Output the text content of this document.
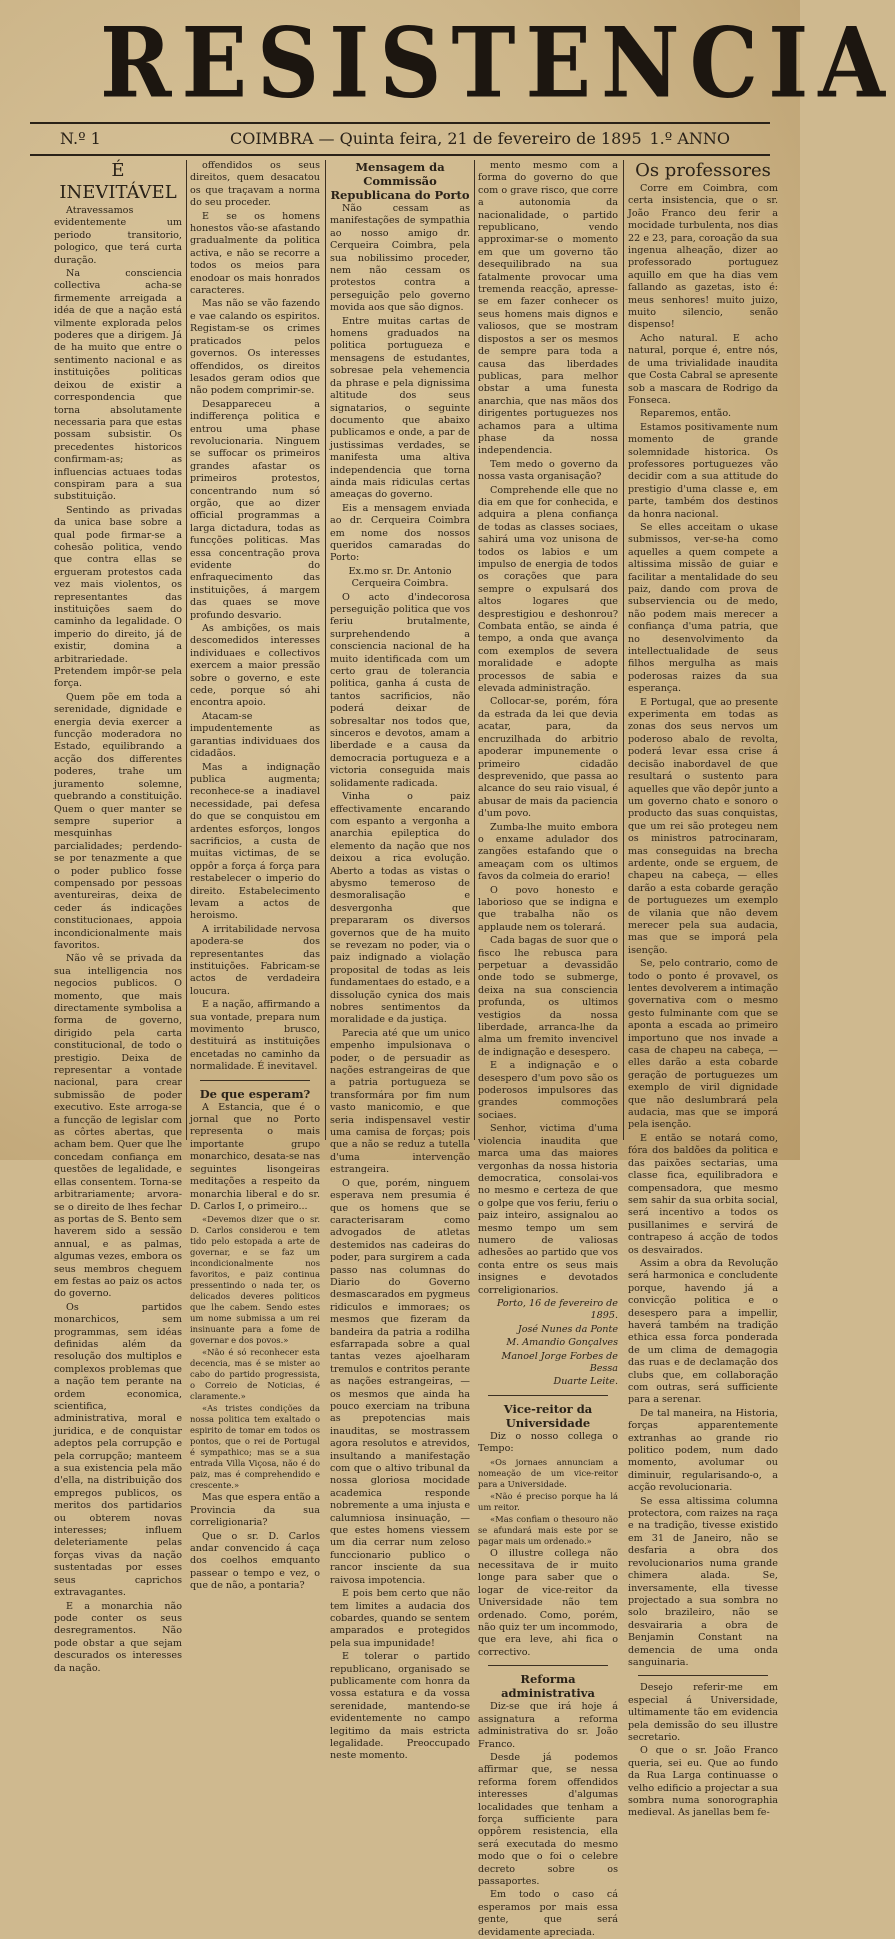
RESISTENCIA
N.º 1	COIMBRA — Quinta feira, 21 de fevereiro de 1895 1.º ANNO

É INEVITÁVEL

Atravessamos evidentemente um periodo transitorio, pologico, que terá curta duração.

Na consciencia collectiva acha-se firmemente arreigada a idéa de que a nação está vilmente explorada pelos poderes que a dirigem. Já de ha muito que entre o sentimento nacional e as instituições politicas deixou de existir a correspondencia que torna absolutamente necessaria para que estas possam subsistir. Os precedentes historicos confirmam-as; as influencias actuaes todas conspiram para a sua substituição.

Sentindo as privadas da unica base sobre a qual pode firmar-se a cohesão politica, vendo que contra ellas se ergueram protestos cada vez mais violentos, os representantes das instituições saem do caminho da legalidade. O imperio do direito, já de existir, domina a arbitrariedade. Pretendem impôr-se pela força.

Quem põe em toda a serenidade, dignidade e energia devia exercer a funcção moderadora no Estado, equilibrando a acção dos differentes poderes, trahe um juramento solemne, quebrando a constituição. Quem o quer manter se sempre superior a mesquinhas parcialidades; perdendo-se por tenazmente a que o poder publico fosse compensado por pessoas aventureiras, deixa de ceder ás indicações constitucionaes, appoia incondicionalmente mais favoritos.

Não vê se privada da sua intelligencia nos negocios publicos. O momento, que mais directamente symbolisa a forma de governo, dirigido pela carta constitucional, de todo o prestigio. Deixa de representar a vontade nacional, para crear submissão de poder executivo. Este arroga-se a funcção de legislar com as côrtes abertas, que acham bem. Quer que lhe concedam confiança em questões de legalidade, e ellas consentem. Torna-se arbitrariamente; arvora-se o direito de lhes fechar as portas de S. Bento sem haverem sido a sessão annual, e as palmas, algumas vezes, embora os seus membros cheguem em festas ao paiz os actos do governo.

Os partidos monarchicos, sem programmas, sem idéas definidas além da resolução dos multiplos e complexos problemas que a nação tem perante na ordem economica, scientifica, administrativa, moral e juridica, e de conquistar adeptos pela corrupção e pela corrupção; manteem a sua existencia pela mão d'ella, na distribuição dos empregos publicos, os meritos dos partidarios ou obterem novas interesses; influem deleteriamente pelas forças vivas da nação sustentadas por esses seus caprichos extravagantes.

E a monarchia não pode conter os seus desregramentos. Não pode obstar a que sejam descurados os interesses da nação.

offendidos os seus direitos, quem desacatou os que traçavam a norma do seu proceder.

E se os homens honestos vão-se afastando gradualmente da politica activa, e não se recorre a todos os meios para enodoar os mais honrados caracteres.

Mas não se vão fazendo e vae calando os espiritos. Registam-se os crimes praticados pelos governos. Os interesses offendidos, os direitos lesados geram odios que não podem comprimir-se.

Desappareceu a indifferença politica e entrou uma phase revolucionaria. Ninguem se suffocar os primeiros grandes afastar os primeiros protestos, concentrando num só orgão, que ao dizer official programmas a larga dictadura, todas as funcções politicas. Mas essa concentração prova evidente do enfraquecimento das instituições, á margem das quaes se move profundo desvario.

As ambições, os mais descomedidos interesses individuaes e collectivos exercem a maior pressão sobre o governo, e este cede, porque só ahi encontra apoio.

Atacam-se impudentemente as garantias individuaes dos cidadãos.

Mas a indignação publica augmenta; reconhece-se a inadiavel necessidade, pai defesa do que se conquistou em ardentes esforços, longos sacrificios, a custa de muitas victimas, de se oppôr a força á força para restabelecer o imperio do direito. Estabelecimento levam a actos de heroismo.

A irritabilidade nervosa apodera-se dos representantes das instituições. Fabricam-se actos de verdadeira loucura.

E a nação, affirmando a sua vontade, prepara num movimento brusco, destituirá as instituições encetadas no caminho da normalidade. É inevitavel.

De que esperam?

A Estancia, que é o jornal que no Porto representa o mais importante grupo monarchico, desata-se nas seguintes lisongeiras meditações a respeito da monarchia liberal e do sr. D. Carlos I, o primeiro...

«Devemos dizer que o sr. D. Carlos considerou e tem tido pelo estopada a arte de governar, e se faz um incondicionalmente nos favoritos, e paiz continua pressentindo o nada ter, os delicados deveres politicos que lhe cabem. Sendo estes um nome submissa a um rei insinuante para a fome de governar e dos povos.»

«Não é só reconhecer esta decencia, mas é se mister ao cabo do partido progressista, o Correio de Noticias, é claramente.»

«As tristes condições da nossa politica tem exaltado o espirito de tomar em todos os pontos, que o rei de Portugal é sympathico; mas se a sua entrada Villa Viçosa, não é do paiz, mas é comprehendido e crescente.»

Mas que espera então a Provincia da sua correligionaria?

Que o sr. D. Carlos andar convencido á caça dos coelhos emquanto passear o tempo e vez, o que de não, a pontaria?

Mensagem da Commissão Republicana do Porto

Não cessam as manifestações de sympathia ao nosso amigo dr. Cerqueira Coimbra, pela sua nobilissimo proceder, nem não cessam os protestos contra a perseguição pelo governo movida aos que são dignos.

Entre muitas cartas de homens graduados na politica portugueza e mensagens de estudantes, sobresae pela vehemencia da phrase e pela dignissima altitude dos seus signatarios, o seguinte documento que abaixo publicamos e onde, a par de justissimas verdades, se manifesta uma altiva independencia que torna ainda mais ridiculas certas ameaças do governo.

Eis a mensagem enviada ao dr. Cerqueira Coimbra em nome dos nossos queridos camaradas do Porto:

Ex.mo sr. Dr. Antonio Cerqueira Coimbra.

O acto d'indecorosa perseguição politica que vos feriu brutalmente, surprehendendo a consciencia nacional de ha muito identificada com um certo grau de tolerancia politica, ganha á custa de tantos sacrificios, não poderá deixar de sobresaltar nos todos que, sinceros e devotos, amam a liberdade e a causa da democracia portugueza e a victoria conseguida mais solidamente radicada.

Vinha o paiz effectivamente encarando com espanto a vergonha a anarchia epileptica do elemento da nação que nos deixou a rica evolução. Aberto a todas as vistas o abysmo temeroso de desmoralisação e desvergonha que prepararam os diversos governos que de ha muito se revezam no poder, via o paiz indignado a violação proposital de todas as leis fundamentaes do estado, e a dissolução cynica dos mais nobres sentimentos da moralidade e da justiça.

Parecia até que um unico empenho impulsionava o poder, o de persuadir as nações estrangeiras de que a patria portugueza se transformára por fim num vasto manicomio, e que seria indispensavel vestir uma camisa de forças; pois que a não se reduz a tutella d'uma intervenção estrangeira.

O que, porém, ninguem esperava nem presumia é que os homens que se caracterisaram como advogados de atletas destemidos nas cadeiras do poder, para surgirem a cada passo nas columnas do Diario do Governo desmascarados em pygmeus ridiculos e immoraes; os mesmos que fizeram da bandeira da patria a rodilha esfarrapada sobre a qual tantas vezes ajoelharam tremulos e contritos perante as nações estrangeiras, — os mesmos que ainda ha pouco exerciam na tribuna as prepotencias mais inauditas, se mostrassem agora resolutos e atrevidos, insultando a manifestação com que o altivo tribunal da nossa gloriosa mocidade academica responde nobremente a uma injusta e calumniosa insinuação, — que estes homens viessem um dia cerrar num zeloso funccionario publico o rancor insciente da sua raivosa impotencia.

E pois bem certo que não tem limites a audacia dos cobardes, quando se sentem amparados e protegidos pela sua impunidade!

E tolerar o partido republicano, organisado se publicamente com honra da vossa estatura e da vossa serenidade, mantendo-se evidentemente no campo legitimo da mais estricta legalidade. Preoccupado neste momento.

mento mesmo com a forma do governo do que com o grave risco, que corre a autonomia da nacionalidade, o partido republicano, vendo approximar-se o momento em que um governo tão desequilibrado na sua fatalmente provocar uma tremenda reacção, apresse-se em fazer conhecer os seus homens mais dignos e valiosos, que se mostram dispostos a ser os mesmos de sempre para toda a causa das liberdades publicas, para melhor obstar a uma funesta anarchia, que nas mãos dos dirigentes portuguezes nos achamos para a ultima phase da nossa independencia.

Tem medo o governo da nossa vasta organisação?

Comprehende elle que no dia em que for conhecida, e adquira a plena confiança de todas as classes sociaes, sahirá uma voz unisona de todos os labios e um impulso de energia de todos os corações que para sempre o expulsará dos altos logares que desprestigiou e deshonrou? Combata então, se ainda é tempo, a onda que avança com exemplos de severa moralidade e adopte processos de sabia e elevada administração.

Collocar-se, porém, fóra da estrada da lei que devia acatar, para, da encruzilhada do arbitrio apoderar impunemente o primeiro cidadão desprevenido, que passa ao alcance do seu raio visual, é abusar de mais da paciencia d'um povo.

Zumba-lhe muito embora o enxame adulador dos zangões estafando que o ameaçam com os ultimos favos da colmeia do erario!

O povo honesto e laborioso que se indigna e que trabalha não os applaude nem os tolerará.

Cada bagas de suor que o fisco lhe rebusca para perpetuar a devassidão onde todo se submerge, deixa na sua consciencia profunda, os ultimos vestigios da nossa liberdade, arranca-lhe da alma um fremito invencivel de indignação e desespero.

E a indignação e o desespero d'um povo são os poderosos impulsores das grandes commoções sociaes.

Senhor, victima d'uma violencia inaudita que marca uma das maiores vergonhas da nossa historia democratica, consolai-vos no mesmo e certeza de que o golpe que vos feriu, feriu o paiz inteiro, assignalou ao mesmo tempo um sem numero de valiosas adhesões ao partido que vos conta entre os seus mais insignes e devotados correligionarios.

Porto, 16 de fevereiro de 1895.

José Nunes da Ponte

M. Amandio Gonçalves

Manoel Jorge Forbes de Bessa

Duarte Leite.

Vice-reitor da Universidade

Diz o nosso collega o Tempo:

«Os jornaes annunciam a nomeação de um vice-reitor para a Universidade.

«Não é preciso porque ha lá um reitor.

«Mas confiam o thesouro não se afundará mais este por se pagar mais um ordenado.»

O illustre collega não necessitava de ir muito longe para saber que o logar de vice-reitor da Universidade não tem ordenado. Como, porém, não quiz ter um incommodo, que era leve, ahi fica o correctivo.

Reforma administrativa

Diz-se que irá hoje á assignatura a reforma administrativa do sr. João Franco.

Desde já podemos affirmar que, se nessa reforma forem offendidos interesses d'algumas localidades que tenham a força sufficiente para oppôrem resistencia, ella será executada do mesmo modo que o foi o celebre decreto sobre os passaportes.

Em todo o caso cá esperamos por mais essa gente, que será devidamente apreciada.

Os professores

Corre em Coimbra, com certa insistencia, que o sr. João Franco deu ferir a mocidade turbulenta, nos dias 22 e 23, para, coroação da sua ingenua alheação, dizer ao professorado portuguez aquillo em que ha dias vem fallando as gazetas, isto é: meus senhores! muito juizo, muito silencio, senão dispenso!

Acho natural. E acho natural, porque é, entre nós, de uma trivialidade inaudita que Costa Cabral se apresente sob a mascara de Rodrigo da Fonseca.

Reparemos, então.

Estamos positivamente num momento de grande solemnidade historica. Os professores portuguezes vão decidir com a sua attitude do prestigio d'uma classe e, em parte, também dos destinos da honra nacional.

Se elles acceitam o ukase submissos, ver-se-ha como aquelles a quem compete a altissima missão de guiar e facilitar a mentalidade do seu paiz, dando com prova de subserviencia ou de medo, não podem mais merecer a confiança d'uma patria, que no desenvolvimento da intellectualidade de seus filhos mergulha as mais poderosas raizes da sua esperança.

E Portugal, que ao presente experimenta em todas as zonas dos seus nervos um poderoso abalo de revolta, poderá levar essa crise á decisão inabordavel de que resultará o sustento para aquelles que vão depôr junto a um governo chato e sonoro o producto das suas conquistas, que um rei são protegeu nem os ministros patrocinaram, mas conseguidas na brecha ardente, onde se erguem, de chapeu na cabeça, — elles darão a esta cobarde geração de portuguezes um exemplo de vilania que não devem merecer pela sua audacia, mas que se imporá pela isenção.

Se, pelo contrario, como de todo o ponto é provavel, os lentes devolverem a intimação governativa com o mesmo gesto fulminante com que se aponta a escada ao primeiro importuno que nos invade a casa de chapeu na cabeça, — elles darão a esta cobarde geração de portuguezes um exemplo de viril dignidade que não deslumbrará pela audacia, mas que se imporá pela isenção.

E então se notará como, fóra dos baldões da politica e das paixões sectarias, uma classe fica, equilibradora e compensadora, que mesmo sem sahir da sua orbita social, será incentivo a todos os pusillanimes e servirá de contrapeso á acção de todos os desvairados.

Assim a obra da Revolução será harmonica e concludente porque, havendo já a convicção politica e o desespero para a impellir, haverá também na tradição ethica essa forca ponderada de um clima de demagogia das ruas e de declamação dos clubs que, em collaboração com outras, será sufficiente para a serenar.

De tal maneira, na Historia, forças apparentemente extranhas ao grande rio politico podem, num dado momento, avolumar ou diminuir, regularisando-o, a acção revolucionaria.

Se essa altissima columna protectora, com raizes na raça e na tradição, tivesse existido em 31 de Janeiro, não se desfaria a obra dos revolucionarios numa grande chimera alada. Se, inversamente, ella tivesse projectado a sua sombra no solo brazileiro, não se desvairaria a obra de Benjamin Constant na demencia de uma onda sanguinaria.

Desejo referir-me em especial á Universidade, ultimamente tão em evidencia pela demissão do seu illustre secretario.

O que o sr. João Franco queria, sei eu. Que ao fundo da Rua Larga continuasse o velho edificio a projectar a sua sombra numa sonorographia medieval. As janellas bem fe-
